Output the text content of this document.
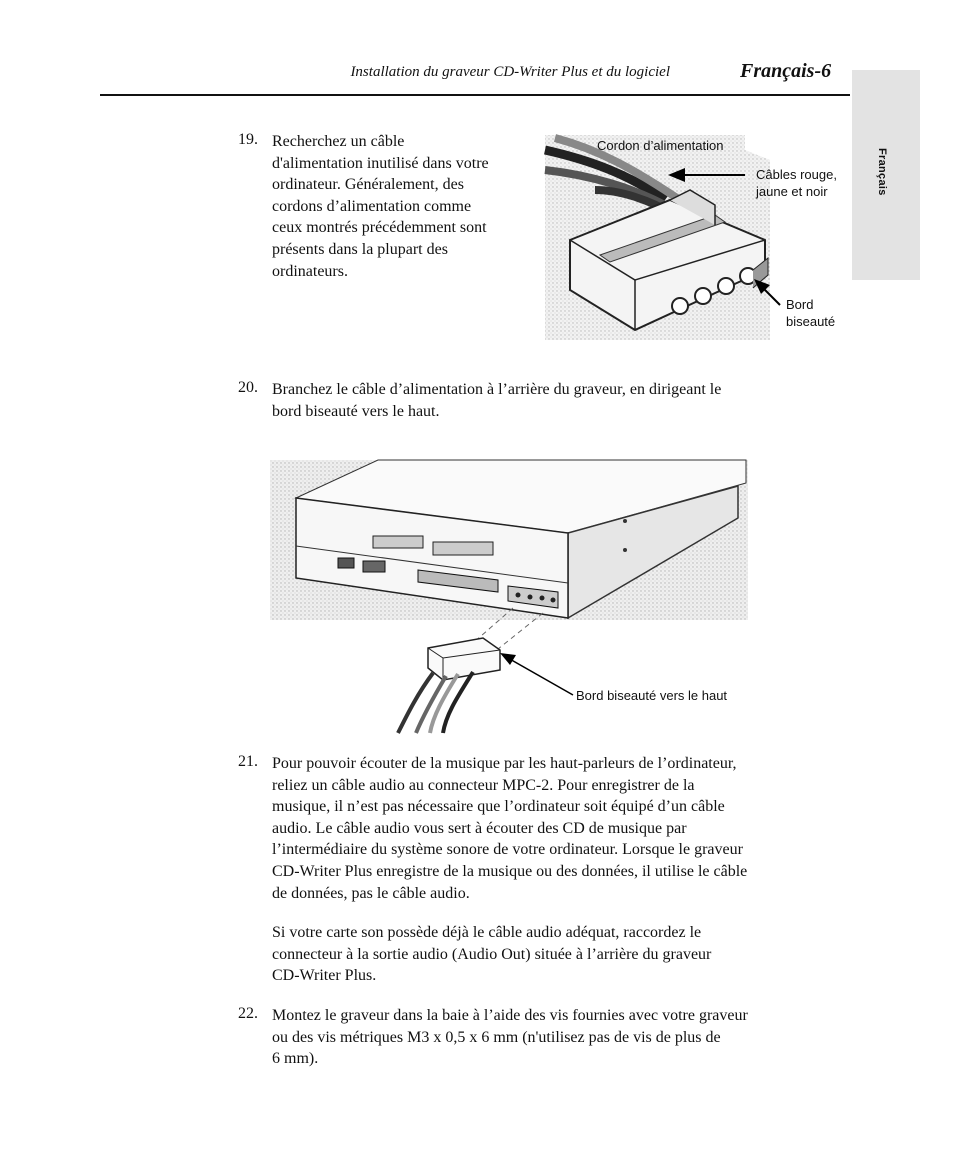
Installation du graveur CD-Writer Plus et du logiciel	Français-6
Français
19. Recherchez un câble
d'alimentation inutilisé dans votre
ordinateur. Généralement, des
cordons d’alimentation comme
ceux montrés précédemment sont
présents dans la plupart des
ordinateurs.
Cordon d’alimentation
Câbles rouge,
jaune et noir
Bord
biseauté
20. Branchez le câble d’alimentation à l’arrière du graveur, en dirigeant le
bord biseauté vers le haut.
Bord biseauté vers le haut
21. Pour pouvoir écouter de la musique par les haut-parleurs de l’ordinateur,
reliez un câble audio au connecteur MPC-2. Pour enregistrer de la
musique, il n’est pas nécessaire que l’ordinateur soit équipé d’un câble
audio. Le câble audio vous sert à écouter des CD de musique par
l’intermédiaire du système sonore de votre ordinateur. Lorsque le graveur
CD-Writer Plus enregistre de la musique ou des données, il utilise le câble
de données, pas le câble audio.
Si votre carte son possède déjà le câble audio adéquat, raccordez le
connecteur à la sortie audio (Audio Out) située à l’arrière du graveur
CD-Writer Plus.
22. Montez le graveur dans la baie à l’aide des vis fournies avec votre graveur
ou des vis métriques M3 x 0,5 x 6 mm (n'utilisez pas de vis de plus de
6 mm).
